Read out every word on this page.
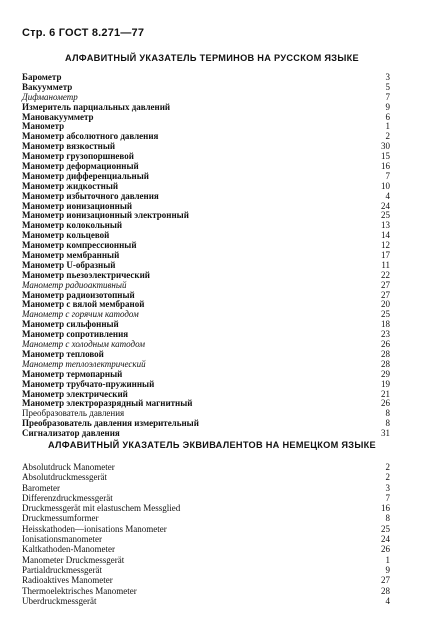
Стр. 6 ГОСТ 8.271—77
АЛФАВИТНЫЙ УКАЗАТЕЛЬ ТЕРМИНОВ НА РУССКОМ ЯЗЫКЕ
Барометр	3
Вакуумметр	5
Дифманометр	7
Измеритель парциальных давлений	9
Мановакуумметр	6
Манометр	1
Манометр абсолютного давления	2
Манометр вязкостный	30
Манометр грузопоршневой	15
Манометр деформационный	16
Манометр дифференциальный	7
Манометр жидкостный	10
Манометр избыточного давления	4
Манометр ионизационный	24
Манометр ионизационный электронный	25
Манометр колокольный	13
Манометр кольцевой	14
Манометр компрессионный	12
Манометр мембранный	17
Манометр U-образный	11
Манометр пьезоэлектрический	22
Манометр радиоактивный	27
Манометр радиоизотопный	27
Манометр с вялой мембраной	20
Манометр с горячим катодом	25
Манометр сильфонный	18
Манометр сопротивления	23
Манометр с холодным катодом	26
Манометр тепловой	28
Манометр теплоэлектрический	28
Манометр термопарный	29
Манометр трубчато-пружинный	19
Манометр электрический	21
Манометр электроразрядный магнитный	26
Преобразователь давления	8
Преобразователь давления измерительный	8
Сигнализатор давления	31
АЛФАВИТНЫЙ УКАЗАТЕЛЬ ЭКВИВАЛЕНТОВ НА НЕМЕЦКОМ ЯЗЫКЕ
Absolutdruck Manometer	2
Absolutdruckmessgerät	2
Barometer	3
Differenzdruckmessgerät	7
Druckmessgerät mit elastuschem Messglied	16
Druckmessumformer	8
Heisskathoden—ionisations Manometer	25
Ionisationsmanometer	24
Kaltkathoden-Manometer	26
Manometer Druckmessgerät	1
Partialdruckmessgerät	9
Radioaktives Manometer	27
Thermoelektrisches Manometer	28
Uberdruckmessgerät	4
